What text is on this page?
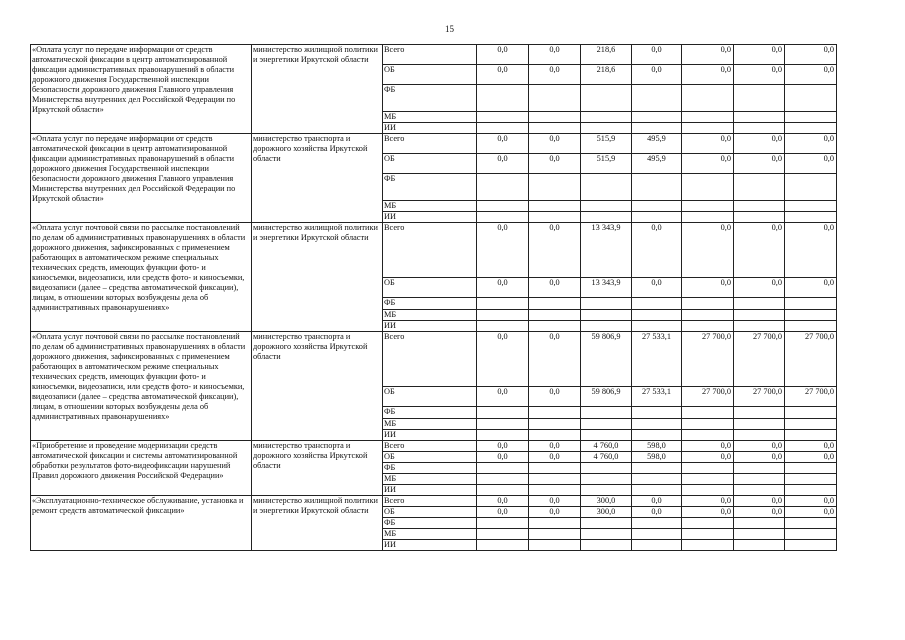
15
«Оплата услуг по передаче информации от средств автоматической фиксации в центр автоматизированной фиксации административных правонарушений в области дорожного движения Государственной инспекции безопасности дорожного движения Главного управления Министерства внутренних дел Российской Федерации по Иркутской области»	министерство жилищной политики и энергетики Иркутской области	Всего	0,0	0,0	218,6	0,0	0,0	0,0	0,0
		ОБ	0,0	0,0	218,6	0,0	0,0	0,0	0,0
		ФБ							
		МБ							
		ИИ							
«Оплата услуг по передаче информации от средств автоматической фиксации в центр автоматизированной фиксации административных правонарушений в области дорожного движения Государственной инспекции безопасности дорожного движения Главного управления Министерства внутренних дел Российской Федерации по Иркутской области»	министерство транспорта и дорожного хозяйства Иркутской области	Всего	0,0	0,0	515,9	495,9	0,0	0,0	0,0
		ОБ	0,0	0,0	515,9	495,9	0,0	0,0	0,0
		ФБ							
		МБ							
		ИИ							
«Оплата услуг почтовой связи по рассылке постановлений по делам об административных правонарушениях в области дорожного движения, зафиксированных с применением работающих в автоматическом режиме специальных технических средств, имеющих функции фото- и киносъемки, видеозаписи, или средств фото- и киносъемки, видеозаписи (далее – средства автоматической фиксации), лицам, в отношении которых возбуждены дела об административных правонарушениях»	министерство жилищной политики и энергетики Иркутской области	Всего	0,0	0,0	13 343,9	0,0	0,0	0,0	0,0
		ОБ	0,0	0,0	13 343,9	0,0	0,0	0,0	0,0
		ФБ							
		МБ							
		ИИ							
«Оплата услуг почтовой связи по рассылке постановлений по делам об административных правонарушениях в области дорожного движения, зафиксированных с применением работающих в автоматическом режиме специальных технических средств, имеющих функции фото- и киносъемки, видеозаписи, или средств фото- и киносъемки, видеозаписи (далее – средства автоматической фиксации), лицам, в отношении которых возбуждены дела об административных правонарушениях»	министерство транспорта и дорожного хозяйства Иркутской области	Всего	0,0	0,0	59 806,9	27 533,1	27 700,0	27 700,0	27 700,0
		ОБ	0,0	0,0	59 806,9	27 533,1	27 700,0	27 700,0	27 700,0
		ФБ							
		МБ							
		ИИ							
«Приобретение и проведение модернизации средств автоматической фиксации и системы автоматизированной обработки результатов фото-видеофиксации нарушений Правил дорожного движения Российской Федерации»	министерство транспорта и дорожного хозяйства Иркутской области	Всего	0,0	0,0	4 760,0	598,0	0,0	0,0	0,0
		ОБ	0,0	0,0	4 760,0	598,0	0,0	0,0	0,0
		ФБ							
		МБ							
		ИИ							
«Эксплуатационно-техническое обслуживание, установка и ремонт средств автоматической фиксации»	министерство жилищной политики и энергетики Иркутской области	Всего	0,0	0,0	300,0	0,0	0,0	0,0	0,0
		ОБ	0,0	0,0	300,0	0,0	0,0	0,0	0,0
		ФБ							
		МБ							
		ИИ							
